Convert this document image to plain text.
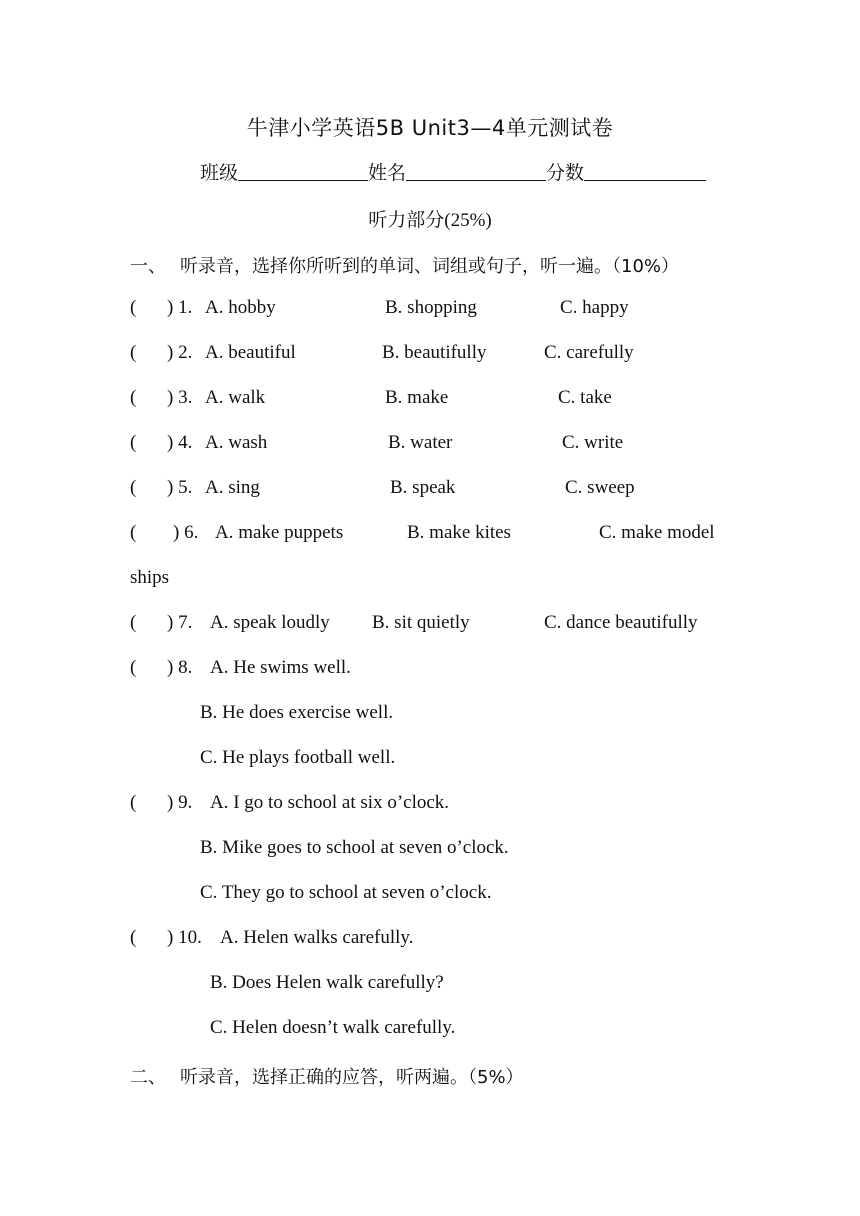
牛津小学英语5B Unit3—4单元测试卷
班级	姓名	分数
听力部分(25%)
一、 听录音，选择你所听到的单词、词组或句子，听一遍。（10%）
( ) 1. A. hobby	B. shopping	C. happy
( ) 2. A. beautiful	B. beautifully	C. carefully
( ) 3. A. walk	B. make	C. take
( ) 4. A. wash	B. water	C. write
( ) 5. A. sing	B. speak	C. sweep
( ) 6. A. make puppets	B. make kites	C. make model
ships
( ) 7. A. speak loudly B. sit quietly	C. dance beautifully
( ) 8. A. He swims well.
B. He does exercise well.
C. He plays football well.
( ) 9. A. I go to school at six o’clock.
B. Mike goes to school at seven o’clock.
C. They go to school at seven o’clock.
( ) 10. A. Helen walks carefully.
B. Does Helen walk carefully?
C. Helen doesn’t walk carefully.
二、 听录音，选择正确的应答，听两遍。（5%）
